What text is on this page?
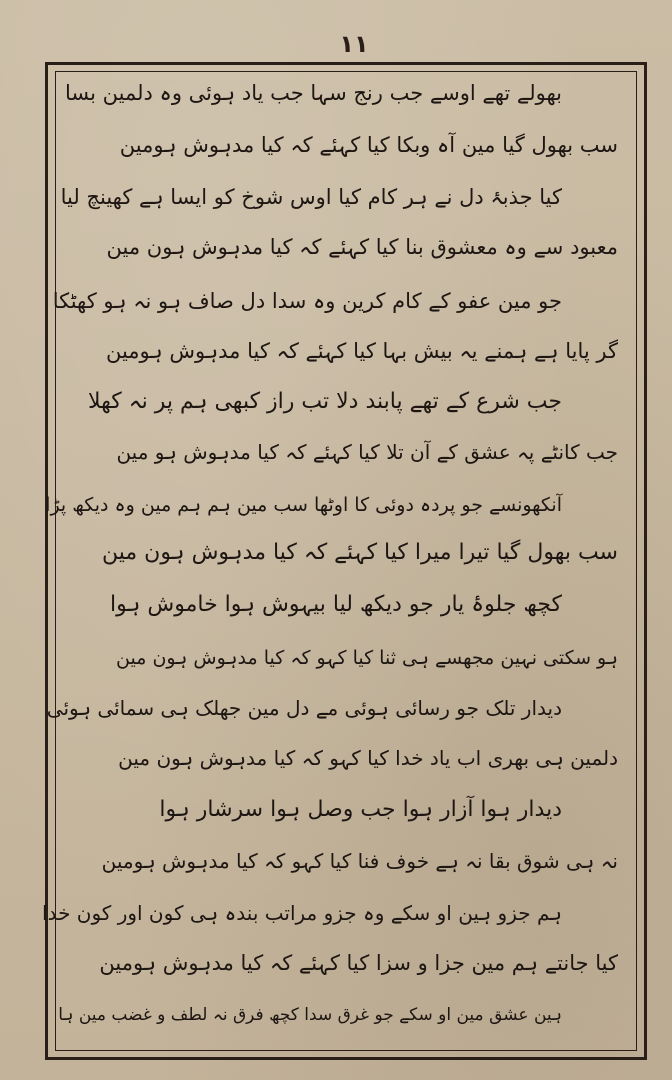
۱۱
بھولے تھے اوسے جب رنج سہا جب یاد ہوئی وہ دلمین بسا
سب بھول گیا مین آہ وبکا کیا کہئے کہ کیا مدہوش ہومین
کیا جذبۂ دل نے ہر کام کیا اوس شوخ کو ایسا ہے کھینچ لیا
معبود سے وہ معشوق بنا کیا کہئے کہ کیا مدہوش ہون مین
جو مین عفو کے کام کرین وہ سدا دل صاف ہو نہ ہو کھٹکا
گر پایا ہے ہمنے یہ بیش بہا کیا کہئے کہ کیا مدہوش ہومین
جب شرع کے تھے پابند دلا تب راز کبھی ہم پر نہ کھلا
جب کانٹے پہ عشق کے آن تلا کیا کہئے کہ کیا مدہوش ہو مین
آنکھونسے جو پردہ دوئی کا اوٹھا سب مین ہم ہم مین وہ دیکھ پڑا
سب بھول گیا تیرا میرا کیا کہئے کہ کیا مدہوش ہون مین
کچھ جلوۂ یار جو دیکھ لیا بیہوش ہوا خاموش ہوا
ہو سکتی نہین مجھسے ہی ثنا کیا کہو کہ کیا مدہوش ہون مین
دیدار تلک جو رسائی ہوئی مے دل مین جھلک ہی سمائی ہوئی
دلمین ہی بھری اب یاد خدا کیا کہو کہ کیا مدہوش ہون مین
دیدار ہوا آزار ہوا جب وصل ہوا سرشار ہوا
نہ ہی شوق بقا نہ ہے خوف فنا کیا کہو کہ کیا مدہوش ہومین
ہم جزو ہین او سکے وہ جزو مراتب بندہ ہی کون اور کون خدا
کیا جانتے ہم مین جزا و سزا کیا کہئے کہ کیا مدہوش ہومین
ہین عشق مین او سکے جو غرق سدا کچھ فرق نہ لطف و غضب مین ہا
